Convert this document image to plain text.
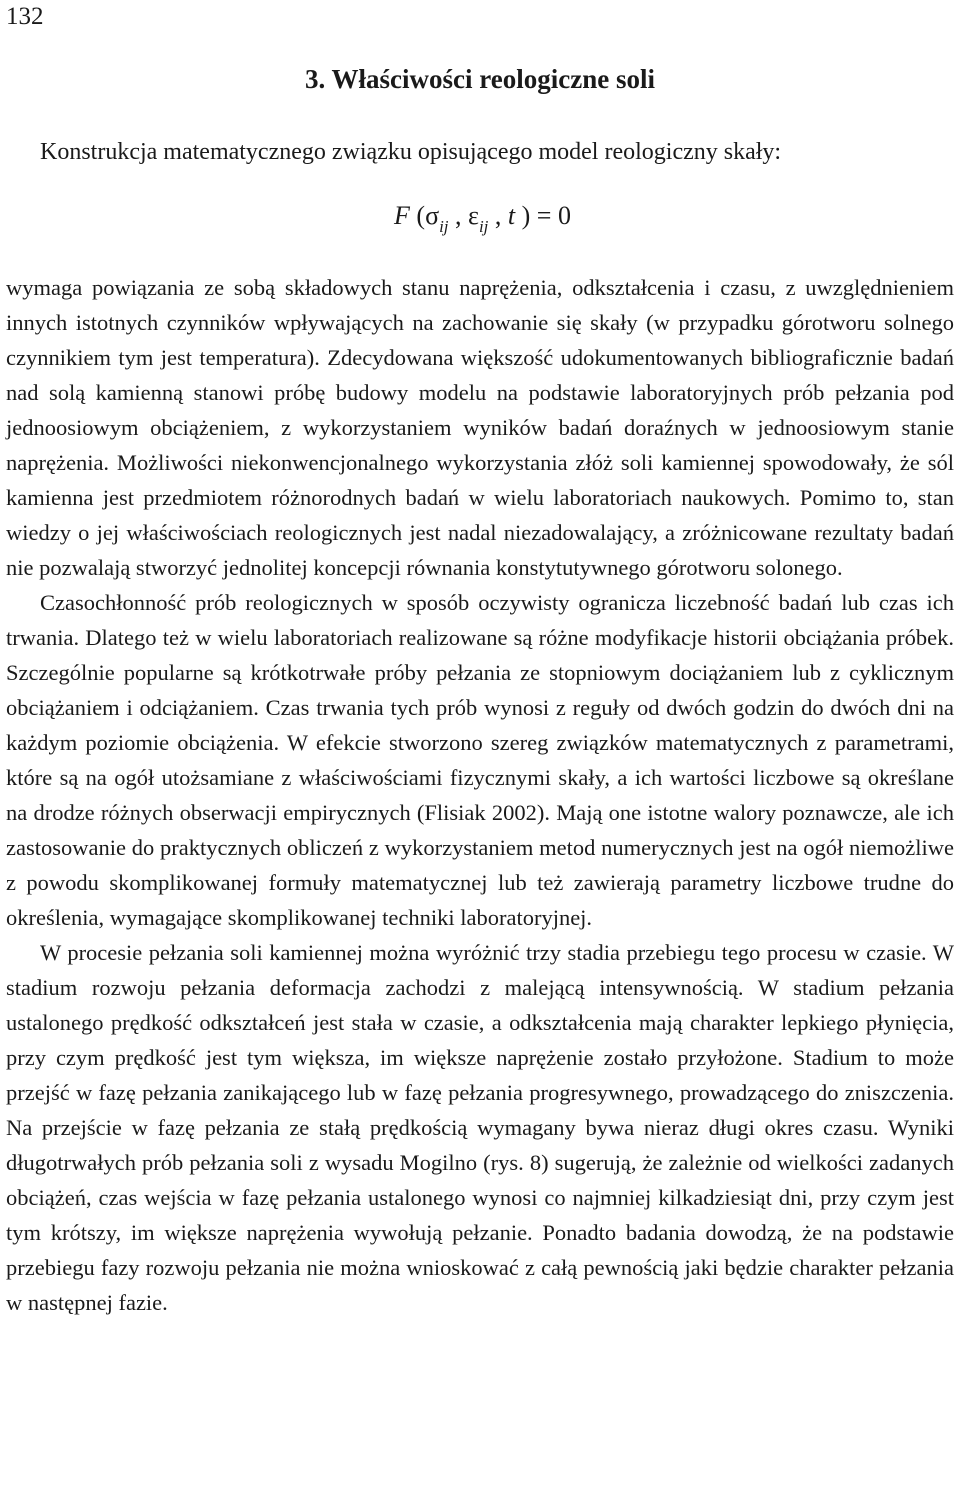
132
3. Właściwości reologiczne soli
Konstrukcja matematycznego związku opisującego model reologiczny skały:
F ($\sigma_{ij}$ , $\varepsilon_{ij}$ , t ) = 0

wymaga powiązania ze sobą składowych stanu naprężenia, odkształcenia i czasu, z uwzględnieniem innych istotnych czynników wpływających na zachowanie się skały (w przypadku górotworu solnego czynnikiem tym jest temperatura). Zdecydowana większość udokumentowanych bibliograficznie badań nad solą kamienną stanowi próbę budowy modelu na podstawie laboratoryjnych prób pełzania pod jednoosiowym obciążeniem, z wykorzystaniem wyników badań doraźnych w jednoosiowym stanie naprężenia. Możliwości niekonwencjonalnego wykorzystania złóż soli kamiennej spowodowały, że sól kamienna jest przedmiotem różnorodnych badań w wielu laboratoriach naukowych. Pomimo to, stan wiedzy o jej właściwościach reologicznych jest nadal niezadowalający, a zróżnicowane rezultaty badań nie pozwalają stworzyć jednolitej koncepcji równania konstytutywnego górotworu solonego.

Czasochłonność prób reologicznych w sposób oczywisty ogranicza liczebność badań lub czas ich trwania. Dlatego też w wielu laboratoriach realizowane są różne modyfikacje historii obciążania próbek. Szczególnie popularne są krótkotrwałe próby pełzania ze stopniowym dociążaniem lub z cyklicznym obciążaniem i odciążaniem. Czas trwania tych prób wynosi z reguły od dwóch godzin do dwóch dni na każdym poziomie obciążenia. W efekcie stworzono szereg związków matematycznych z parametrami, które są na ogół utożsamiane z właściwościami fizycznymi skały, a ich wartości liczbowe są określane na drodze różnych obserwacji empirycznych (Flisiak 2002). Mają one istotne walory poznawcze, ale ich zastosowanie do praktycznych obliczeń z wykorzystaniem metod numerycznych jest na ogół niemożliwe z powodu skomplikowanej formuły matematycznej lub też zawierają parametry liczbowe trudne do określenia, wymagające skomplikowanej techniki laboratoryjnej.

W procesie pełzania soli kamiennej można wyróżnić trzy stadia przebiegu tego procesu w czasie. W stadium rozwoju pełzania deformacja zachodzi z malejącą intensywnością. W stadium pełzania ustalonego prędkość odkształceń jest stała w czasie, a odkształcenia mają charakter lepkiego płynięcia, przy czym prędkość jest tym większa, im większe naprężenie zostało przyłożone. Stadium to może przejść w fazę pełzania zanikającego lub w fazę pełzania progresywnego, prowadzącego do zniszczenia. Na przejście w fazę pełzania ze stałą prędkością wymagany bywa nieraz długi okres czasu. Wyniki długotrwałych prób pełzania soli z wysadu Mogilno (rys. 8) sugerują, że zależnie od wielkości zadanych obciążeń, czas wejścia w fazę pełzania ustalonego wynosi co najmniej kilkadziesiąt dni, przy czym jest tym krótszy, im większe naprężenia wywołują pełzanie. Ponadto badania dowodzą, że na podstawie przebiegu fazy rozwoju pełzania nie można wnioskować z całą pewnością jaki będzie charakter pełzania w następnej fazie.
